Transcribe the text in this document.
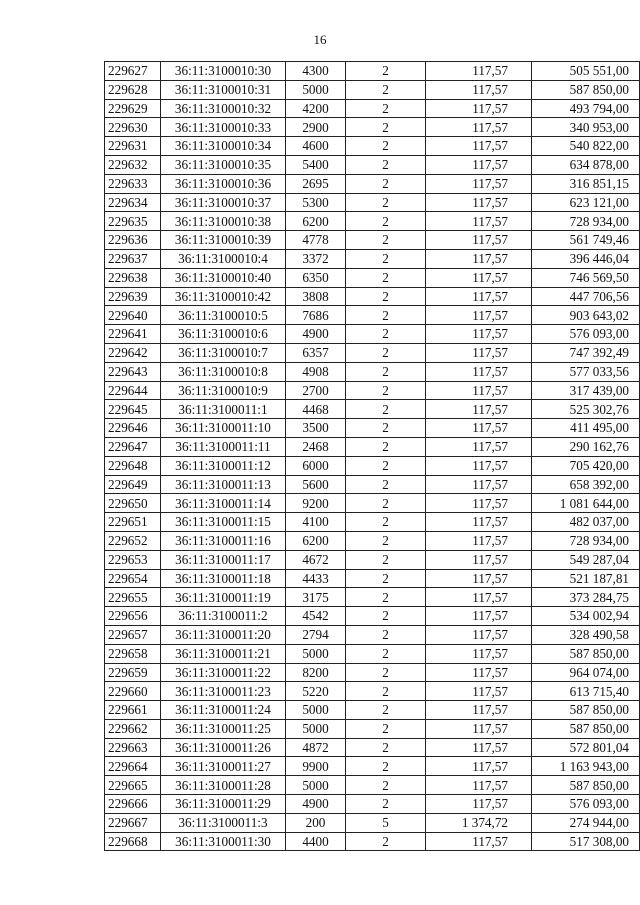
16
229627	36:11:3100010:30	4300	2	117,57	505 551,00
229628	36:11:3100010:31	5000	2	117,57	587 850,00
229629	36:11:3100010:32	4200	2	117,57	493 794,00
229630	36:11:3100010:33	2900	2	117,57	340 953,00
229631	36:11:3100010:34	4600	2	117,57	540 822,00
229632	36:11:3100010:35	5400	2	117,57	634 878,00
229633	36:11:3100010:36	2695	2	117,57	316 851,15
229634	36:11:3100010:37	5300	2	117,57	623 121,00
229635	36:11:3100010:38	6200	2	117,57	728 934,00
229636	36:11:3100010:39	4778	2	117,57	561 749,46
229637	36:11:3100010:4	3372	2	117,57	396 446,04
229638	36:11:3100010:40	6350	2	117,57	746 569,50
229639	36:11:3100010:42	3808	2	117,57	447 706,56
229640	36:11:3100010:5	7686	2	117,57	903 643,02
229641	36:11:3100010:6	4900	2	117,57	576 093,00
229642	36:11:3100010:7	6357	2	117,57	747 392,49
229643	36:11:3100010:8	4908	2	117,57	577 033,56
229644	36:11:3100010:9	2700	2	117,57	317 439,00
229645	36:11:3100011:1	4468	2	117,57	525 302,76
229646	36:11:3100011:10	3500	2	117,57	411 495,00
229647	36:11:3100011:11	2468	2	117,57	290 162,76
229648	36:11:3100011:12	6000	2	117,57	705 420,00
229649	36:11:3100011:13	5600	2	117,57	658 392,00
229650	36:11:3100011:14	9200	2	117,57	1 081 644,00
229651	36:11:3100011:15	4100	2	117,57	482 037,00
229652	36:11:3100011:16	6200	2	117,57	728 934,00
229653	36:11:3100011:17	4672	2	117,57	549 287,04
229654	36:11:3100011:18	4433	2	117,57	521 187,81
229655	36:11:3100011:19	3175	2	117,57	373 284,75
229656	36:11:3100011:2	4542	2	117,57	534 002,94
229657	36:11:3100011:20	2794	2	117,57	328 490,58
229658	36:11:3100011:21	5000	2	117,57	587 850,00
229659	36:11:3100011:22	8200	2	117,57	964 074,00
229660	36:11:3100011:23	5220	2	117,57	613 715,40
229661	36:11:3100011:24	5000	2	117,57	587 850,00
229662	36:11:3100011:25	5000	2	117,57	587 850,00
229663	36:11:3100011:26	4872	2	117,57	572 801,04
229664	36:11:3100011:27	9900	2	117,57	1 163 943,00
229665	36:11:3100011:28	5000	2	117,57	587 850,00
229666	36:11:3100011:29	4900	2	117,57	576 093,00
229667	36:11:3100011:3	200	5	1 374,72	274 944,00
229668	36:11:3100011:30	4400	2	117,57	517 308,00
